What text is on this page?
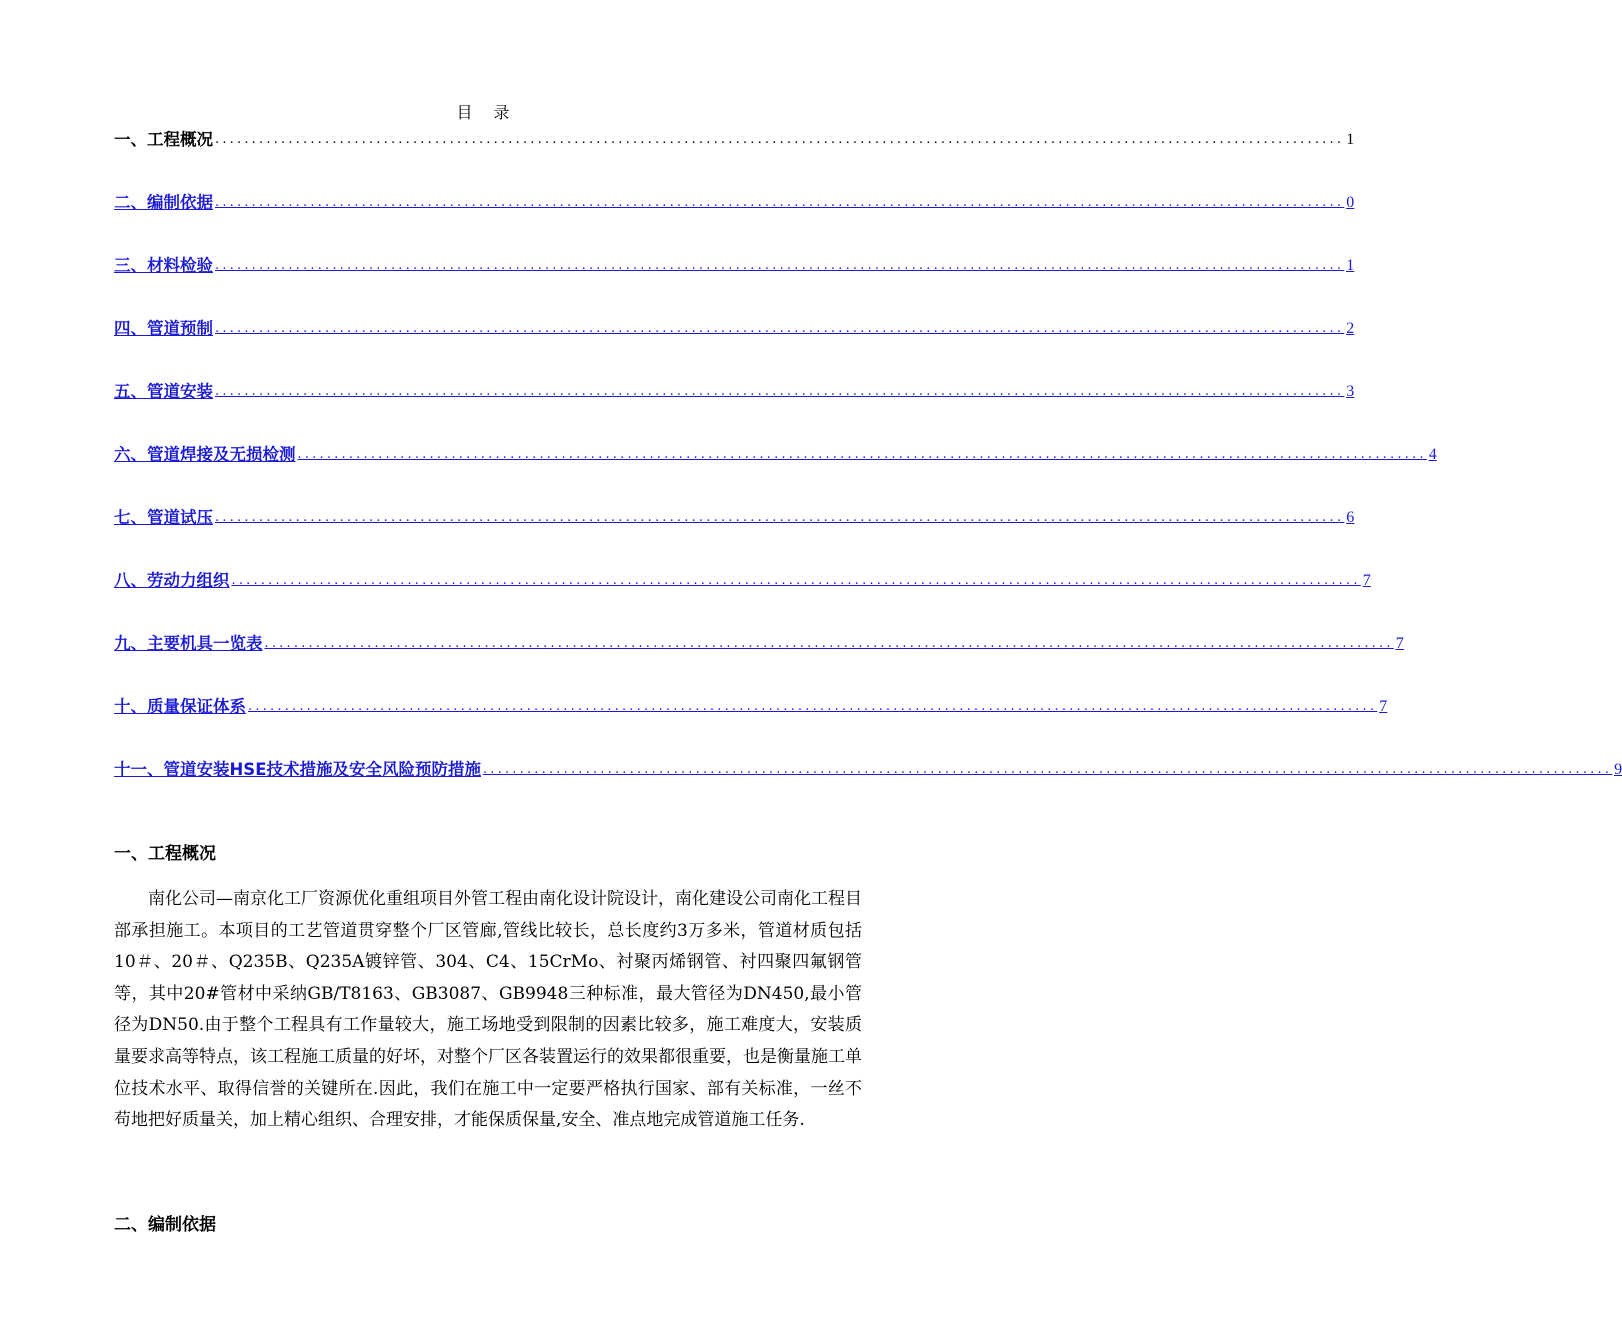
目 录
一、工程概况 .......................................................................................................................................................... 1
二、编制依据 .......................................................................................................................................................... 0
三、材料检验 .......................................................................................................................................................... 1
四、管道预制 .......................................................................................................................................................... 2
五、管道安装 .......................................................................................................................................................... 3
六、管道焊接及无损检测 .......................................................................................................................................................... 4
七、管道试压 .......................................................................................................................................................... 6
八、劳动力组织 .......................................................................................................................................................... 7
九、主要机具一览表 .......................................................................................................................................................... 7
十、质量保证体系 .......................................................................................................................................................... 7
十一、管道安装HSE技术措施及安全风险预防措施 .......................................................................................................................................................... 9
一、工程概况
南化公司—南京化工厂资源优化重组项目外管工程由南化设计院设计，南化建设公司南化工程目部承担施工。本项目的工艺管道贯穿整个厂区管廊,管线比较长，总长度约3万多米，管道材质包括10＃、20＃、Q235B、Q235A镀锌管、304、C4、15CrMo、衬聚丙烯钢管、衬四聚四氟钢管等，其中20#管材中采纳GB/T8163、GB3087、GB9948三种标准，最大管径为DN450,最小管径为DN50.由于整个工程具有工作量较大，施工场地受到限制的因素比较多，施工难度大，安装质量要求高等特点，该工程施工质量的好坏，对整个厂区各装置运行的效果都很重要，也是衡量施工单位技术水平、取得信誉的关键所在.因此，我们在施工中一定要严格执行国家、部有关标准，一丝不苟地把好质量关，加上精心组织、合理安排，才能保质保量,安全、准点地完成管道施工任务.
二、编制依据
